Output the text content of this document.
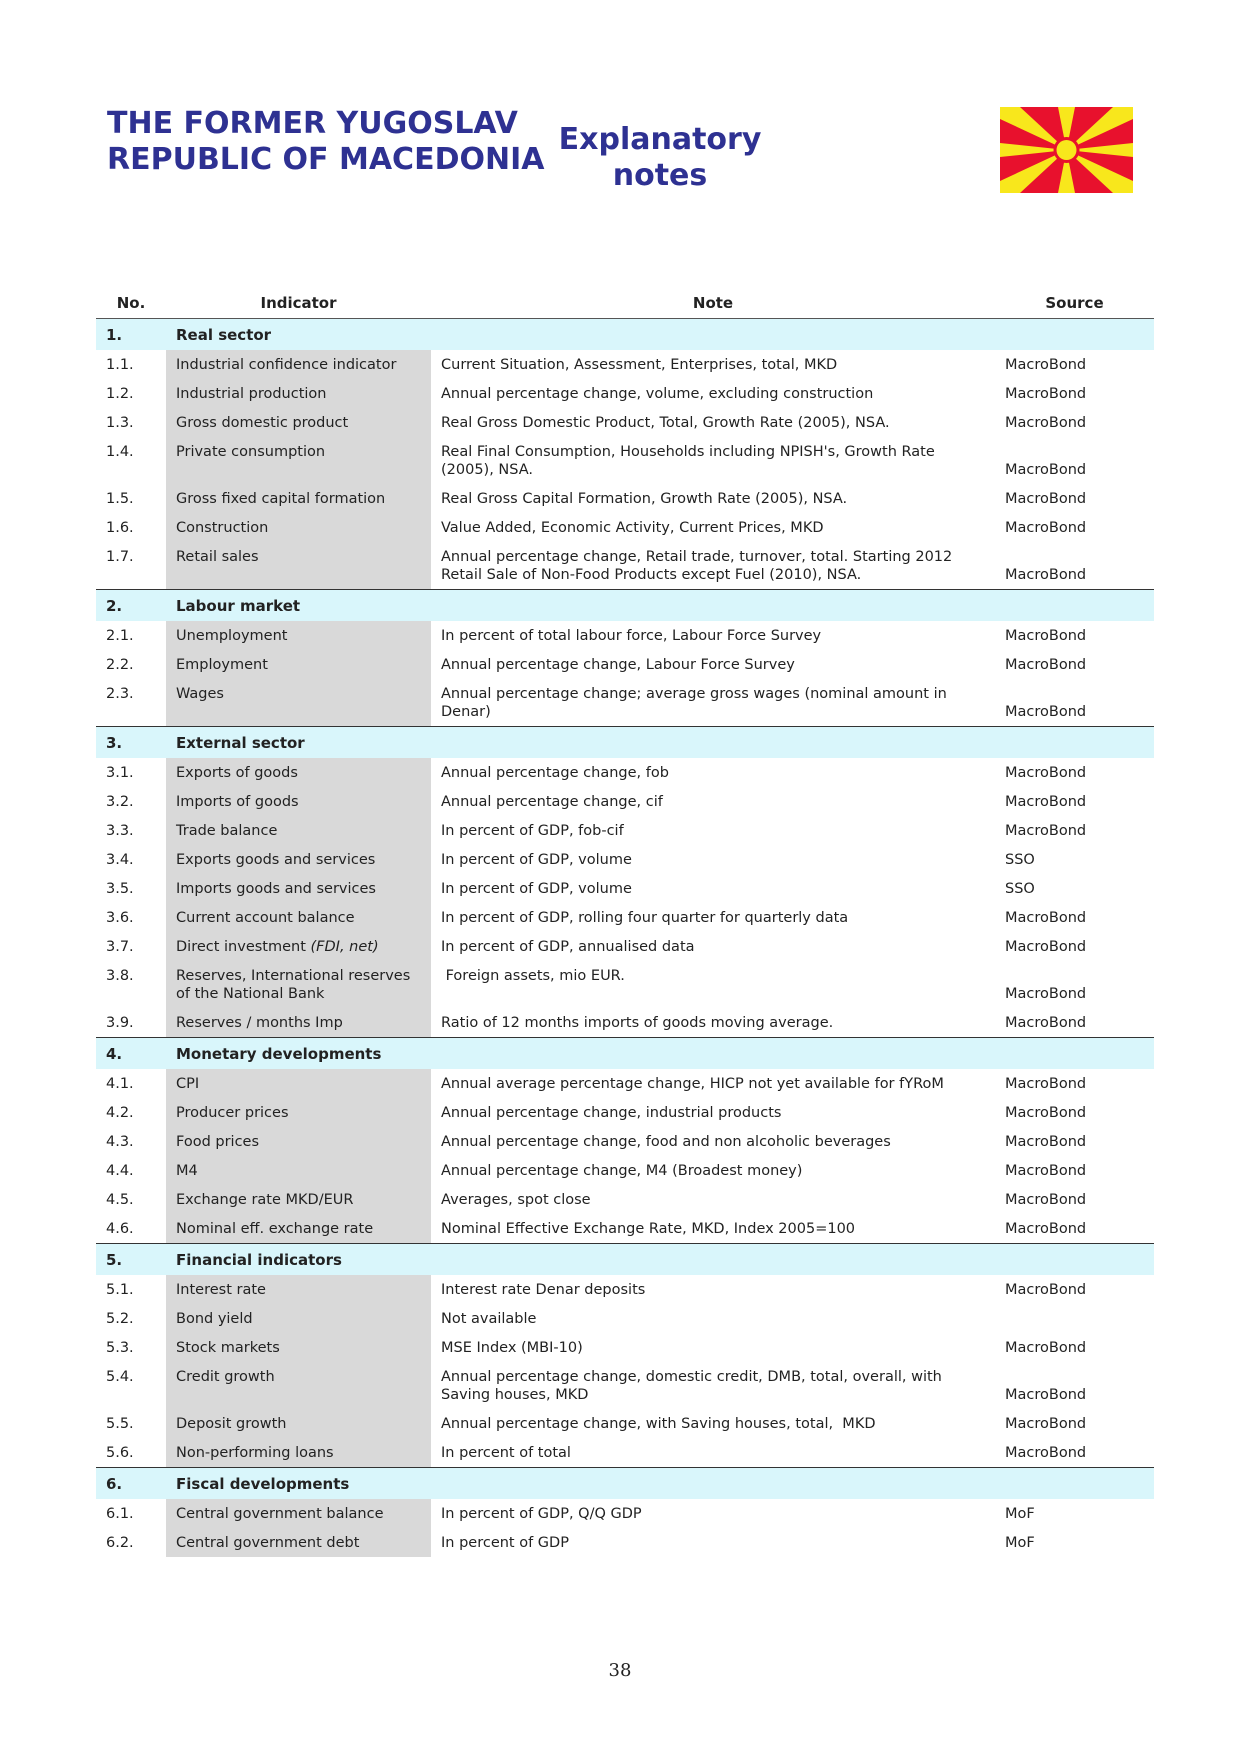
THE FORMER YUGOSLAV REPUBLIC OF MACEDONIA
Explanatory notes
No.	Indicator	Note	Source
1.	Real sector		
1.1.	Industrial confidence indicator	Current Situation, Assessment, Enterprises, total, MKD	MacroBond
1.2.	Industrial production	Annual percentage change, volume, excluding construction	MacroBond
1.3.	Gross domestic product	Real Gross Domestic Product, Total, Growth Rate (2005), NSA.	MacroBond
1.4.	Private consumption	Real Final Consumption, Households including NPISH's, Growth Rate (2005), NSA.	MacroBond
1.5.	Gross fixed capital formation	Real Gross Capital Formation, Growth Rate (2005), NSA.	MacroBond
1.6.	Construction	Value Added, Economic Activity, Current Prices, MKD	MacroBond
1.7.	Retail sales	Annual percentage change, Retail trade, turnover, total. Starting 2012 Retail Sale of Non-Food Products except Fuel (2010), NSA.	MacroBond
2.	Labour market		
2.1.	Unemployment	In percent of total labour force, Labour Force Survey	MacroBond
2.2.	Employment	Annual percentage change, Labour Force Survey	MacroBond
2.3.	Wages	Annual percentage change; average gross wages (nominal amount in Denar)	MacroBond
3.	External sector		
3.1.	Exports of goods	Annual percentage change, fob	MacroBond
3.2.	Imports of goods	Annual percentage change, cif	MacroBond
3.3.	Trade balance	In percent of GDP, fob-cif	MacroBond
3.4.	Exports goods and services	In percent of GDP, volume	SSO
3.5.	Imports goods and services	In percent of GDP, volume	SSO
3.6.	Current account balance	In percent of GDP, rolling four quarter for quarterly data	MacroBond
3.7.	Direct investment (FDI, net)	In percent of GDP, annualised data	MacroBond
3.8.	Reserves, International reserves of the National Bank	Foreign assets, mio EUR.	MacroBond
3.9.	Reserves / months Imp	Ratio of 12 months imports of goods moving average.	MacroBond
4.	Monetary developments		
4.1.	CPI	Annual average percentage change, HICP not yet available for fYRoM	MacroBond
4.2.	Producer prices	Annual percentage change, industrial products	MacroBond
4.3.	Food prices	Annual percentage change, food and non alcoholic beverages	MacroBond
4.4.	M4	Annual percentage change, M4 (Broadest money)	MacroBond
4.5.	Exchange rate MKD/EUR	Averages, spot close	MacroBond
4.6.	Nominal eff. exchange rate	Nominal Effective Exchange Rate, MKD, Index 2005=100	MacroBond
5.	Financial indicators		
5.1.	Interest rate	Interest rate Denar deposits	MacroBond
5.2.	Bond yield	Not available	
5.3.	Stock markets	MSE Index (MBI-10)	MacroBond
5.4.	Credit growth	Annual percentage change, domestic credit, DMB, total, overall, with Saving houses, MKD	MacroBond
5.5.	Deposit growth	Annual percentage change, with Saving houses, total,  MKD	MacroBond
5.6.	Non-performing loans	In percent of total	MacroBond
6.	Fiscal developments		
6.1.	Central government balance	In percent of GDP, Q/Q GDP	MoF
6.2.	Central government debt	In percent of GDP	MoF
38
